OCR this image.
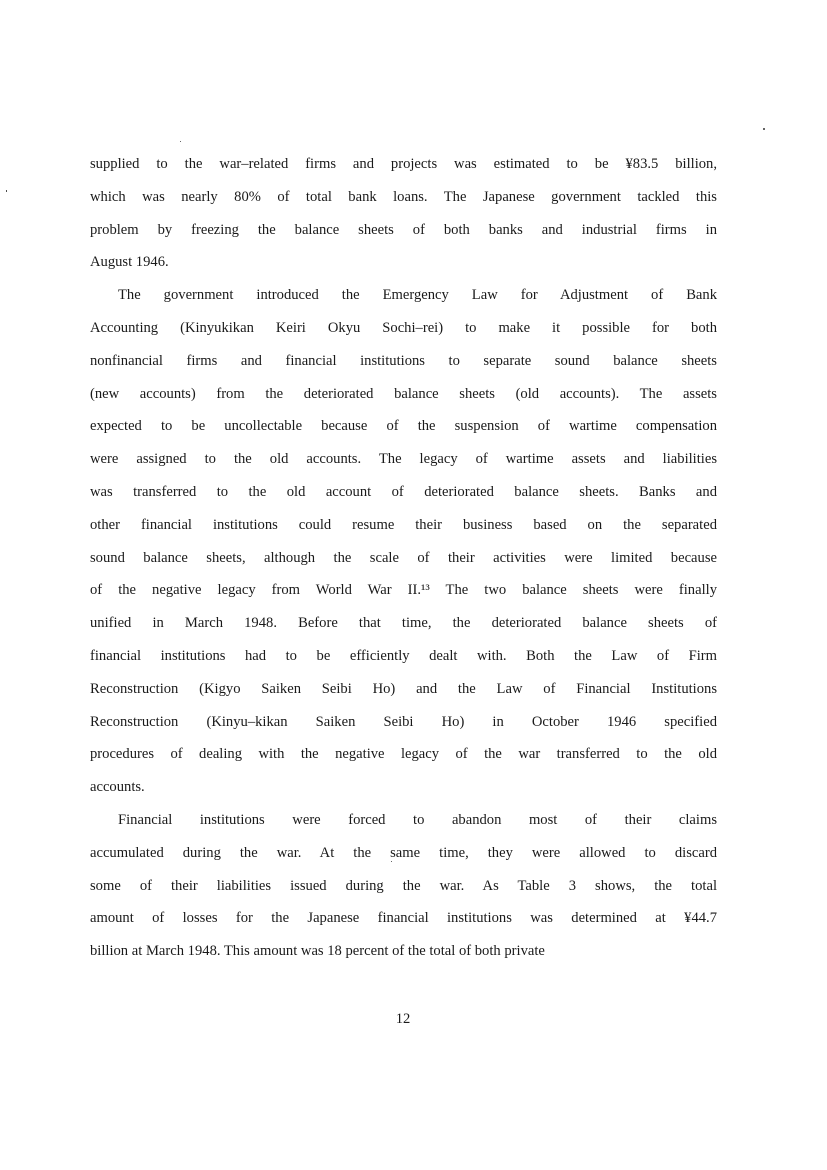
supplied to the war–related firms and projects was estimated to be ¥83.5 billion,
which was nearly 80% of total bank loans. The Japanese government tackled this
problem by freezing the balance sheets of both banks and industrial firms in
August 1946.
The government introduced the Emergency Law for Adjustment of Bank
Accounting (Kinyukikan Keiri Okyu Sochi–rei) to make it possible for both
nonfinancial firms and financial institutions to separate sound balance sheets
(new accounts) from the deteriorated balance sheets (old accounts). The assets
expected to be uncollectable because of the suspension of wartime compensation
were assigned to the old accounts. The legacy of wartime assets and liabilities
was transferred to the old account of deteriorated balance sheets. Banks and
other financial institutions could resume their business based on the separated
sound balance sheets, although the scale of their activities were limited because
of the negative legacy from World War II.¹³ The two balance sheets were finally
unified in March 1948. Before that time, the deteriorated balance sheets of
financial institutions had to be efficiently dealt with. Both the Law of Firm
Reconstruction (Kigyo Saiken Seibi Ho) and the Law of Financial Institutions
Reconstruction (Kinyu–kikan Saiken Seibi Ho) in October 1946 specified
procedures of dealing with the negative legacy of the war transferred to the old
accounts.
Financial institutions were forced to abandon most of their claims
accumulated during the war. At the same time, they were allowed to discard
some of their liabilities issued during the war. As Table 3 shows, the total
amount of losses for the Japanese financial institutions was determined at ¥44.7
billion at March 1948. This amount was 18 percent of the total of both private
12
